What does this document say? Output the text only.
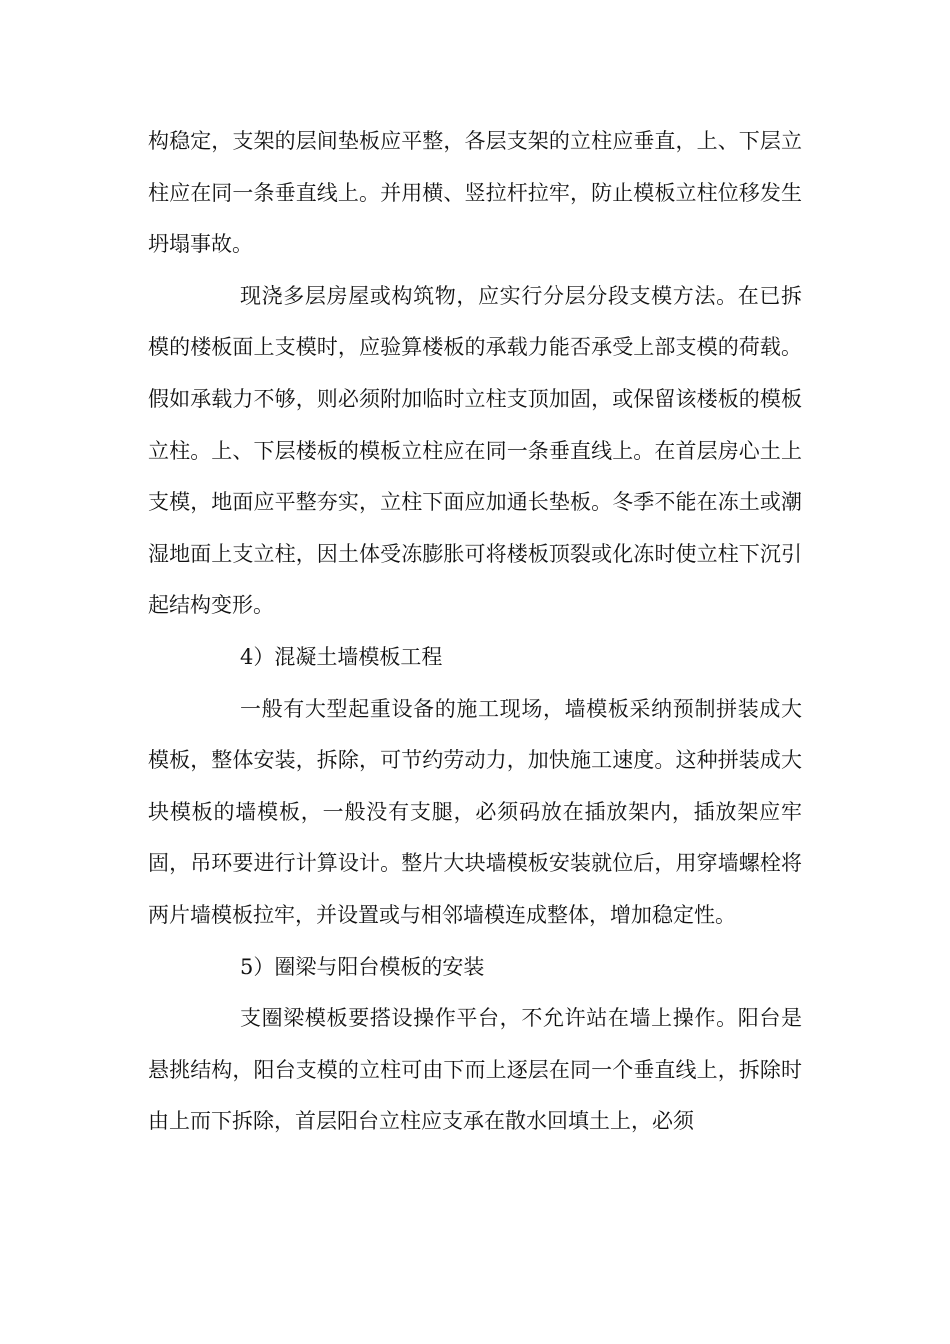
构稳定，支架的层间垫板应平整，各层支架的立柱应垂直，上、下层立柱应在同一条垂直线上。并用横、竖拉杆拉牢，防止模板立柱位移发生坍塌事故。

现浇多层房屋或构筑物，应实行分层分段支模方法。在已拆模的楼板面上支模时，应验算楼板的承载力能否承受上部支模的荷载。假如承载力不够，则必须附加临时立柱支顶加固，或保留该楼板的模板立柱。上、下层楼板的模板立柱应在同一条垂直线上。在首层房心土上支模，地面应平整夯实，立柱下面应加通长垫板。冬季不能在冻土或潮湿地面上支立柱，因土体受冻膨胀可将楼板顶裂或化冻时使立柱下沉引起结构变形。

4）混凝土墙模板工程

一般有大型起重设备的施工现场，墙模板采纳预制拼装成大模板，整体安装，拆除，可节约劳动力，加快施工速度。这种拼装成大块模板的墙模板，一般没有支腿，必须码放在插放架内，插放架应牢固，吊环要进行计算设计。整片大块墙模板安装就位后，用穿墙螺栓将两片墙模板拉牢，并设置或与相邻墙模连成整体，增加稳定性。

5）圈梁与阳台模板的安装

支圈梁模板要搭设操作平台，不允许站在墙上操作。阳台是悬挑结构，阳台支模的立柱可由下而上逐层在同一个垂直线上，拆除时由上而下拆除，首层阳台立柱应支承在散水回填土上，必须
